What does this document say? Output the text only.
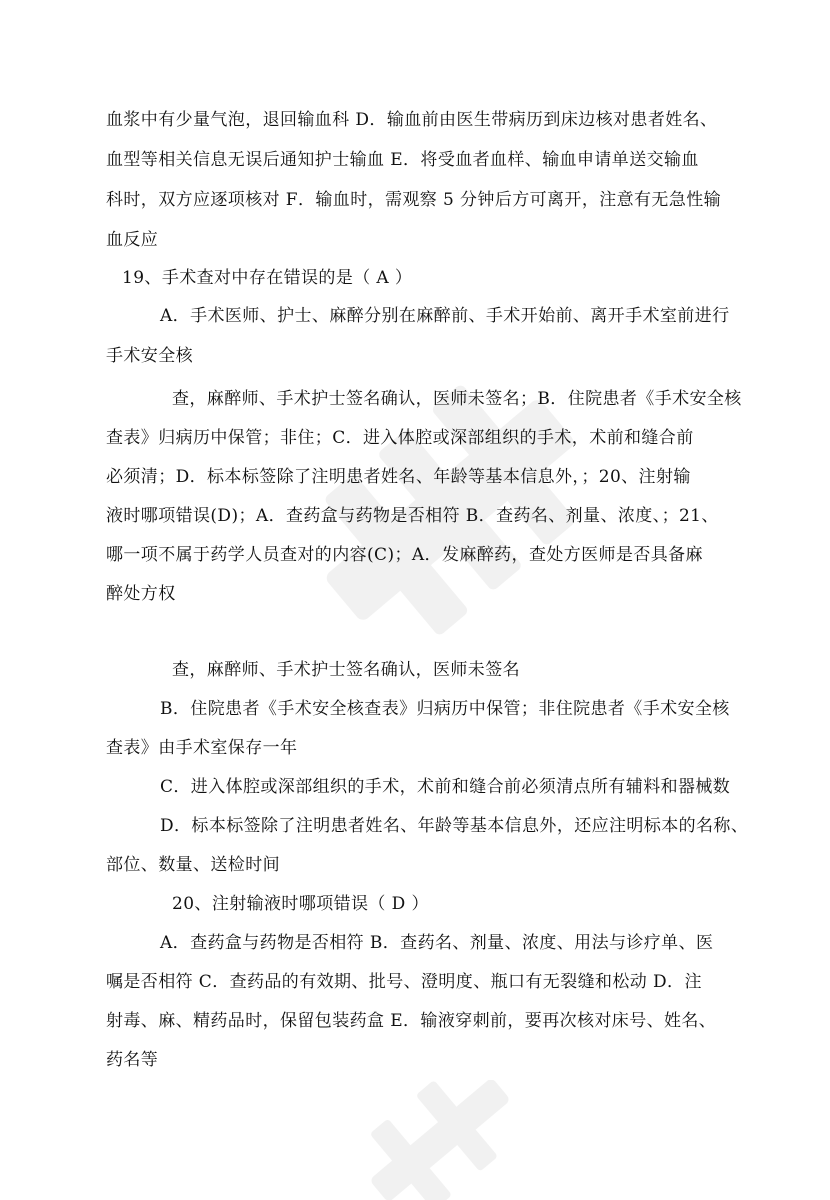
血浆中有少量气泡，退回输血科 D．输血前由医生带病历到床边核对患者姓名、

血型等相关信息无误后通知护士输血 E．将受血者血样、输血申请单送交输血

科时，双方应逐项核对 F．输血时，需观察 5 分钟后方可离开，注意有无急性输

血反应

19、手术查对中存在错误的是（ A ）

A．手术医师、护士、麻醉分别在麻醉前、手术开始前、离开手术室前进行

手术安全核

查，麻醉师、手术护士签名确认，医师未签名；B．住院患者《手术安全核

查表》归病历中保管；非住；C．进入体腔或深部组织的手术，术前和缝合前

必须清；D．标本标签除了注明患者姓名、年龄等基本信息外，；20、注射输

液时哪项错误(D)；A．查药盒与药物是否相符 B．查药名、剂量、浓度、；21、

哪一项不属于药学人员查对的内容(C)；A．发麻醉药，查处方医师是否具备麻

醉处方权

查，麻醉师、手术护士签名确认，医师未签名

B．住院患者《手术安全核查表》归病历中保管；非住院患者《手术安全核

查表》由手术室保存一年

C．进入体腔或深部组织的手术，术前和缝合前必须清点所有辅料和器械数

D．标本标签除了注明患者姓名、年龄等基本信息外，还应注明标本的名称、

部位、数量、送检时间

20、注射输液时哪项错误（ D ）

A．查药盒与药物是否相符 B．查药名、剂量、浓度、用法与诊疗单、医

嘱是否相符 C．查药品的有效期、批号、澄明度、瓶口有无裂缝和松动 D．注

射毒、麻、精药品时，保留包装药盒 E．输液穿刺前，要再次核对床号、姓名、

药名等
